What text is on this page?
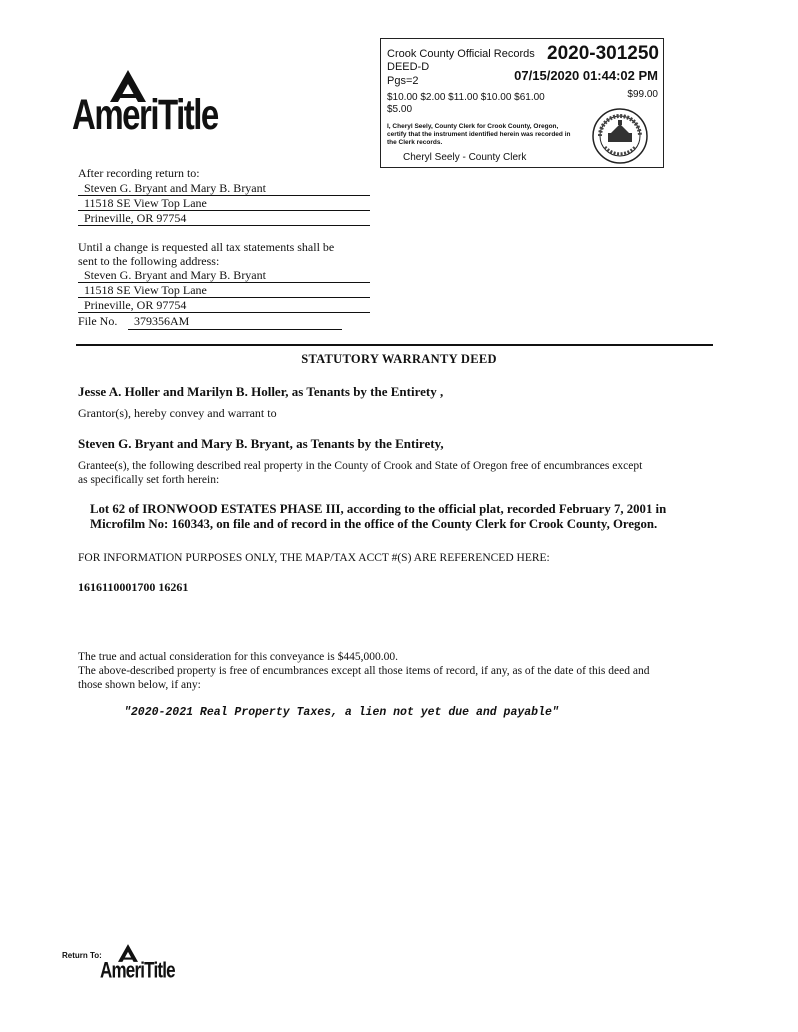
Crook County Official Records 2020-301250
DEED-D
07/15/2020 01:44:02 PM
Pgs=2
$10.00 $2.00 $11.00 $10.00 $61.00
$5.00
$99.00
I, Cheryl Seely, County Clerk for Crook County, Oregon, certify that the instrument identified herein was recorded in the Clerk records.
Cheryl Seely - County Clerk
AmeriTitle
After recording return to:
Steven G. Bryant and Mary B. Bryant
11518 SE View Top Lane
Prineville, OR 97754
Until a change is requested all tax statements shall be
sent to the following address:
Steven G. Bryant and Mary B. Bryant
11518 SE View Top Lane
Prineville, OR 97754
File No.	379356AM
STATUTORY WARRANTY DEED
Jesse A. Holler and Marilyn B. Holler, as Tenants by the Entirety ,
Grantor(s), hereby convey and warrant to
Steven G. Bryant and Mary B. Bryant, as Tenants by the Entirety,
Grantee(s), the following described real property in the County of Crook and State of Oregon free of encumbrances except
as specifically set forth herein:
Lot 62 of IRONWOOD ESTATES PHASE III, according to the official plat, recorded February 7, 2001 in
Microfilm No: 160343, on file and of record in the office of the County Clerk for Crook County, Oregon.
FOR INFORMATION PURPOSES ONLY, THE MAP/TAX ACCT #(S) ARE REFERENCED HERE:
1616110001700 16261
The true and actual consideration for this conveyance is $445,000.00.
The above-described property is free of encumbrances except all those items of record, if any, as of the date of this deed and
those shown below, if any:
"2020-2021 Real Property Taxes, a lien not yet due and payable"
Return To:
AmeriTitle
